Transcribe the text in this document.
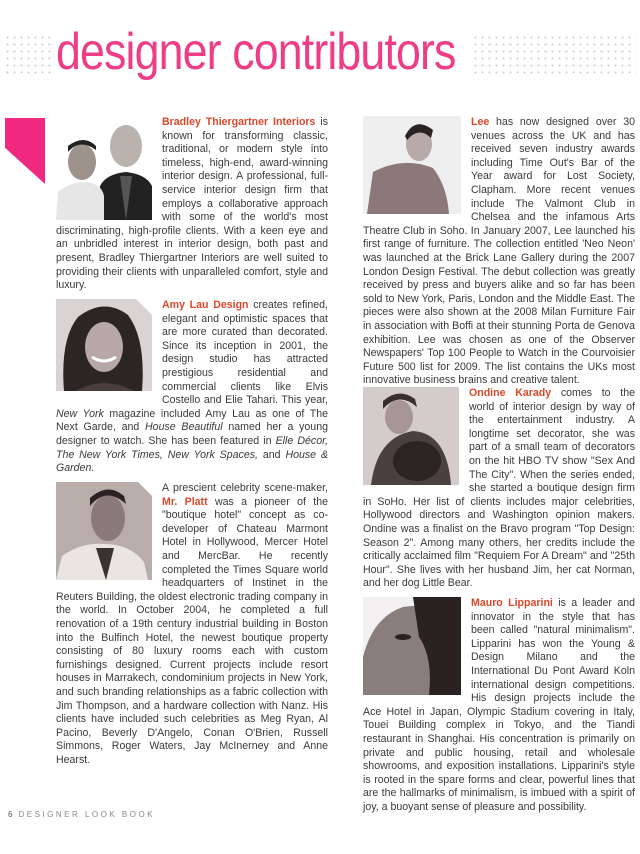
designer contributors

Bradley Thiergartner Interiors is known for transforming classic, traditional, or modern style into timeless, high-end, award-winning interior design. A professional, full-service interior design firm that employs a collaborative approach with some of the world's most discriminating, high-profile clients. With a keen eye and an unbridled interest in interior design, both past and present, Bradley Thiergartner Interiors are well suited to providing their clients with unparalleled comfort, style and luxury.

Amy Lau Design creates refined, elegant and optimistic spaces that are more curated than decorated. Since its inception in 2001, the design studio has attracted prestigious residential and commercial clients like Elvis Costello and Elie Tahari. This year, New York magazine included Amy Lau as one of The Next Garde, and House Beautiful named her a young designer to watch. She has been featured in Elle Décor, The New York Times, New York Spaces, and House & Garden.

A prescient celebrity scene-maker, Mr. Platt was a pioneer of the "boutique hotel" concept as co-developer of Chateau Marmont Hotel in Hollywood, Mercer Hotel and MercBar. He recently completed the Times Square world headquarters of Instinet in the Reuters Building, the oldest electronic trading company in the world. In October 2004, he completed a full renovation of a 19th century industrial building in Boston into the Bulfinch Hotel, the newest boutique property consisting of 80 luxury rooms each with custom furnishings designed. Current projects include resort houses in Marrakech, condominium projects in New York, and such branding relationships as a fabric collection with Jim Thompson, and a hardware collection with Nanz. His clients have included such celebrities as Meg Ryan, Al Pacino, Beverly D'Angelo, Conan O'Brien, Russell Simmons, Roger Waters, Jay McInerney and Anne Hearst.

Lee has now designed over 30 venues across the UK and has received seven industry awards including Time Out's Bar of the Year award for Lost Society, Clapham. More recent venues include The Valmont Club in Chelsea and the infamous Arts Theatre Club in Soho. In January 2007, Lee launched his first range of furniture. The collection entitled 'Neo Neon' was launched at the Brick Lane Gallery during the 2007 London Design Festival. The debut collection was greatly received by press and buyers alike and so far has been sold to New York, Paris, London and the Middle East. The pieces were also shown at the 2008 Milan Furniture Fair in association with Boffi at their stunning Porta de Genova exhibition. Lee was chosen as one of the Observer Newspapers' Top 100 People to Watch in the Courvoisier Future 500 list for 2009. The list contains the UKs most innovative business brains and creative talent.

Ondine Karady comes to the world of interior design by way of the entertainment industry. A longtime set decorator, she was part of a small team of decorators on the hit HBO TV show "Sex And The City". When the series ended, she started a boutique design firm in SoHo. Her list of clients includes major celebrities, Hollywood directors and Washington opinion makers. Ondine was a finalist on the Bravo program "Top Design: Season 2". Among many others, her credits include the critically acclaimed film "Requiem For A Dream" and "25th Hour". She lives with her husband Jim, her cat Norman, and her dog Little Bear.

Mauro Lipparini is a leader and innovator in the style that has been called "natural minimalism". Lipparini has won the Young & Design Milano and the International Du Pont Award Koln international design competitions. His design projects include the Ace Hotel in Japan, Olympic Stadium covering in Italy, Touei Building complex in Tokyo, and the Tiandi restaurant in Shanghai. His concentration is primarily on private and public housing, retail and wholesale showrooms, and exposition installations. Lipparini's style is rooted in the spare forms and clear, powerful lines that are the hallmarks of minimalism, is imbued with a spirit of joy, a buoyant sense of pleasure and possibility.

6 DESIGNER LOOK BOOK
